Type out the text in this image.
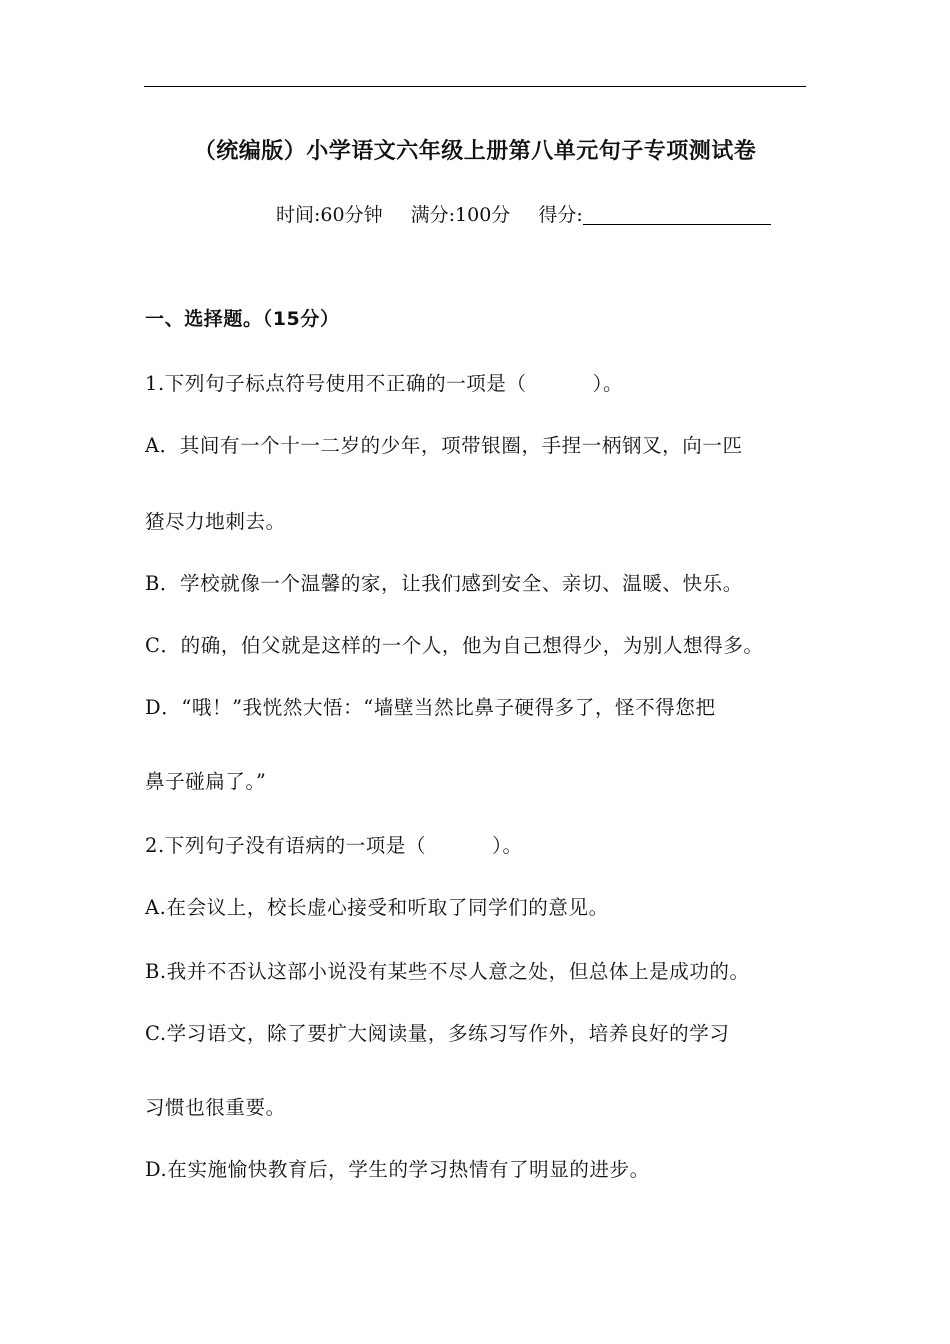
（统编版）小学语文六年级上册第八单元句子专项测试卷
时间:60分钟 满分:100分 得分:
一、选择题。（15分）
1.下列句子标点符号使用不正确的一项是（	）。
A．其间有一个十一二岁的少年，项带银圈，手捏一柄钢叉，向一匹
猹尽力地刺去。
B．学校就像一个温馨的家，让我们感到安全、亲切、温暖、快乐。
C．的确，伯父就是这样的一个人，他为自己想得少，为别人想得多。
D．“哦！”我恍然大悟：“墙壁当然比鼻子硬得多了，怪不得您把
鼻子碰扁了。”
2.下列句子没有语病的一项是（	）。
A.在会议上，校长虚心接受和听取了同学们的意见。
B.我并不否认这部小说没有某些不尽人意之处，但总体上是成功的。
C.学习语文，除了要扩大阅读量，多练习写作外，培养良好的学习
习惯也很重要。
D.在实施愉快教育后，学生的学习热情有了明显的进步。
